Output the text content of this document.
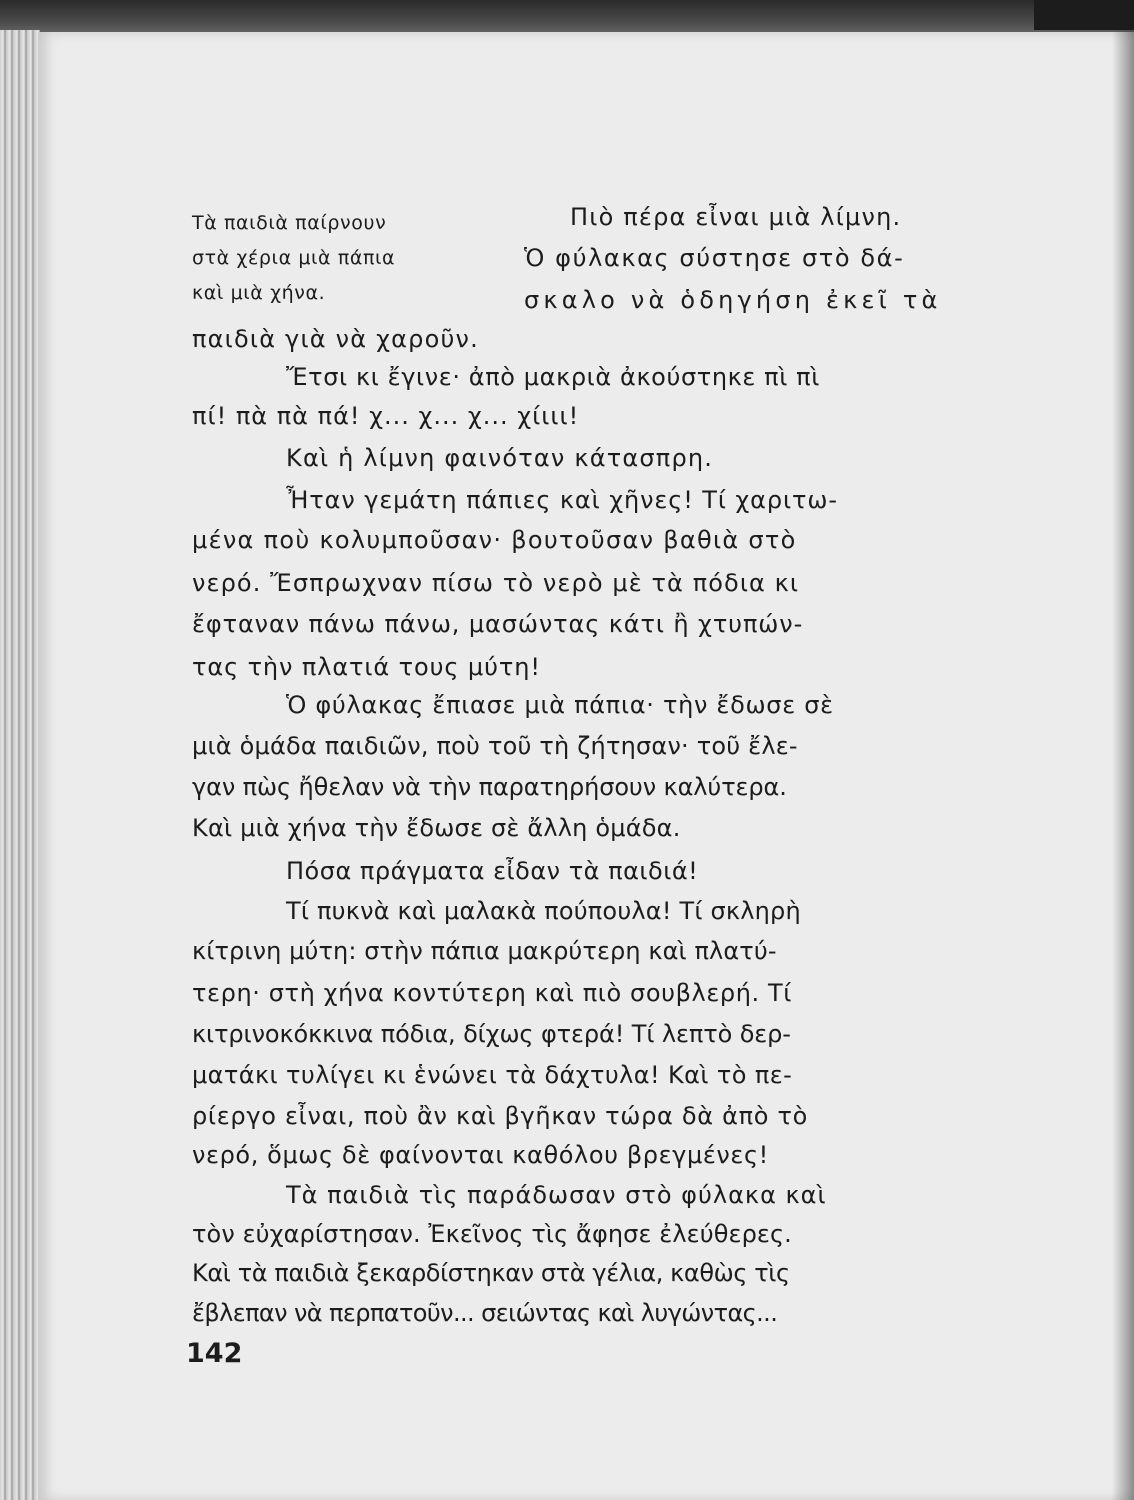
Τὰ παιδιὰ παίρνουν
στὰ χέρια μιὰ πάπια
καὶ μιὰ χήνα.
Πιὸ πέρα εἶναι μιὰ λίμνη.
Ὁ φύλακας σύστησε στὸ δά-
σκαλο νὰ ὁδηγήση ἐκεῖ τὰ
παιδιὰ γιὰ νὰ χαροῦν.
Ἔτσι κι ἔγινε· ἀπὸ μακριὰ ἀκούστηκε πὶ πὶ
πί! πὰ πὰ πά! χ... χ... χ... χίιιι!
Καὶ ἡ λίμνη φαινόταν κάτασπρη.
Ἦταν γεμάτη πάπιες καὶ χῆνες! Τί χαριτω-
μένα ποὺ κολυμποῦσαν· βουτοῦσαν βαθιὰ στὸ
νερό. Ἔσπρωχναν πίσω τὸ νερὸ μὲ τὰ πόδια κι
ἔφταναν πάνω πάνω, μασώντας κάτι ἢ χτυπών-
τας τὴν πλατιά τους μύτη!
Ὁ φύλακας ἔπιασε μιὰ πάπια· τὴν ἔδωσε σὲ
μιὰ ὁμάδα παιδιῶν, ποὺ τοῦ τὴ ζήτησαν· τοῦ ἔλε-
γαν πὼς ἤθελαν νὰ τὴν παρατηρήσουν καλύτερα.
Καὶ μιὰ χήνα τὴν ἔδωσε σὲ ἄλλη ὁμάδα.
Πόσα πράγματα εἶδαν τὰ παιδιά!
Τί πυκνὰ καὶ μαλακὰ πούπουλα! Τί σκληρὴ
κίτρινη μύτη: στὴν πάπια μακρύτερη καὶ πλατύ-
τερη· στὴ χήνα κοντύτερη καὶ πιὸ σουβλερή. Τί
κιτρινοκόκκινα πόδια, δίχως φτερά! Τί λεπτὸ δερ-
ματάκι τυλίγει κι ἑνώνει τὰ δάχτυλα! Καὶ τὸ πε-
ρίεργο εἶναι, ποὺ ἂν καὶ βγῆκαν τώρα δὰ ἀπὸ τὸ
νερό, ὅμως δὲ φαίνονται καθόλου βρεγμένες!
Τὰ παιδιὰ τὶς παράδωσαν στὸ φύλακα καὶ
τὸν εὐχαρίστησαν. Ἐκεῖνος τὶς ἄφησε ἐλεύθερες.
Καὶ τὰ παιδιὰ ξεκαρδίστηκαν στὰ γέλια, καθὼς τὶς
ἔβλεπαν νὰ περπατοῦν... σειώντας καὶ λυγώντας...
142
